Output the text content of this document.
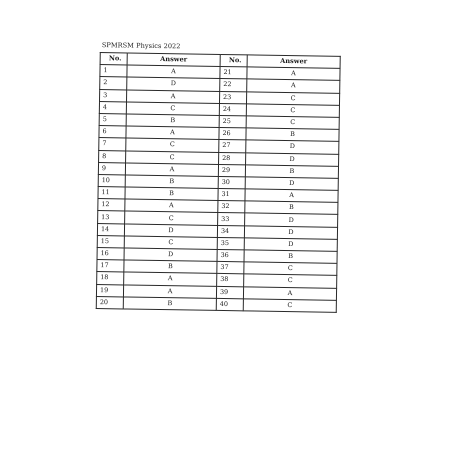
SPMRSM Physics 2022
No.	Answer	No.	Answer
1	A	21	A
2	D	22	A
3	A	23	C
4	C	24	C
5	B	25	C
6	A	26	B
7	C	27	D
8	C	28	D
9	A	29	B
10	B	30	D
11	B	31	A
12	A	32	B
13	C	33	D
14	D	34	D
15	C	35	D
16	D	36	B
17	B	37	C
18	A	38	C
19	A	39	A
20	B	40	C
